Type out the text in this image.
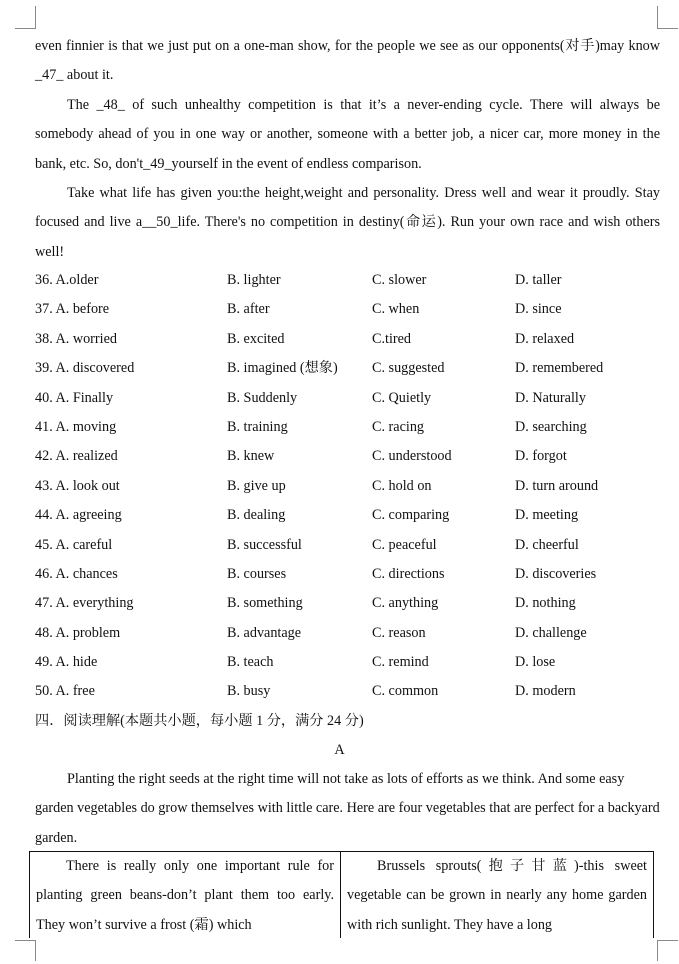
even finnier is that we just put on a one-man show, for the people we see as our opponents(对手)may know _47_ about it.

The _48_ of such unhealthy competition is that it’s a never-ending cycle. There will always be somebody ahead of you in one way or another, someone with a better job, a nicer car, more money in the bank, etc. So, don't_49_yourself in the event of endless comparison.

Take what life has given you:the height,weight and personality. Dress well and wear it proudly. Stay focused and live a__50_life. There's no competition in destiny(命运). Run your own race and wish others well!

36. A.older	B. lighter	C. slower	D. taller
37. A. before	B. after	C. when	D. since
38. A. worried	B. excited	C.tired	D. relaxed
39. A. discovered	B. imagined (想象)	C. suggested	D. remembered
40. A. Finally	B. Suddenly	C. Quietly	D. Naturally
41. A. moving	B. training	C. racing	D. searching
42. A. realized	B. knew	C. understood	D. forgot
43. A. look out	B. give up	C. hold on	D. turn around
44. A. agreeing	B. dealing	C. comparing	D. meeting
45. A. careful	B. successful	C. peaceful	D. cheerful
46. A. chances	B. courses	C. directions	D. discoveries
47. A. everything	B. something	C. anything	D. nothing
48. A. problem	B. advantage	C. reason	D. challenge
49. A. hide	B. teach	C. remind	D. lose
50. A. free	B. busy	C. common	D. modern
四．阅读理解(本题共小题，每小题 1 分，满分 24 分)
A

Planting the right seeds at the right time will not take as lots of efforts as we think. And some easy garden vegetables do grow themselves with little care. Here are four vegetables that are perfect for a backyard garden.

There is really only one important rule for planting green beans-don’t plant them too early. They won’t survive a frost (霜) which
Brussels sprouts(抱子甘蓝)-this sweet vegetable can be grown in nearly any home garden with rich sunlight. They have a long
